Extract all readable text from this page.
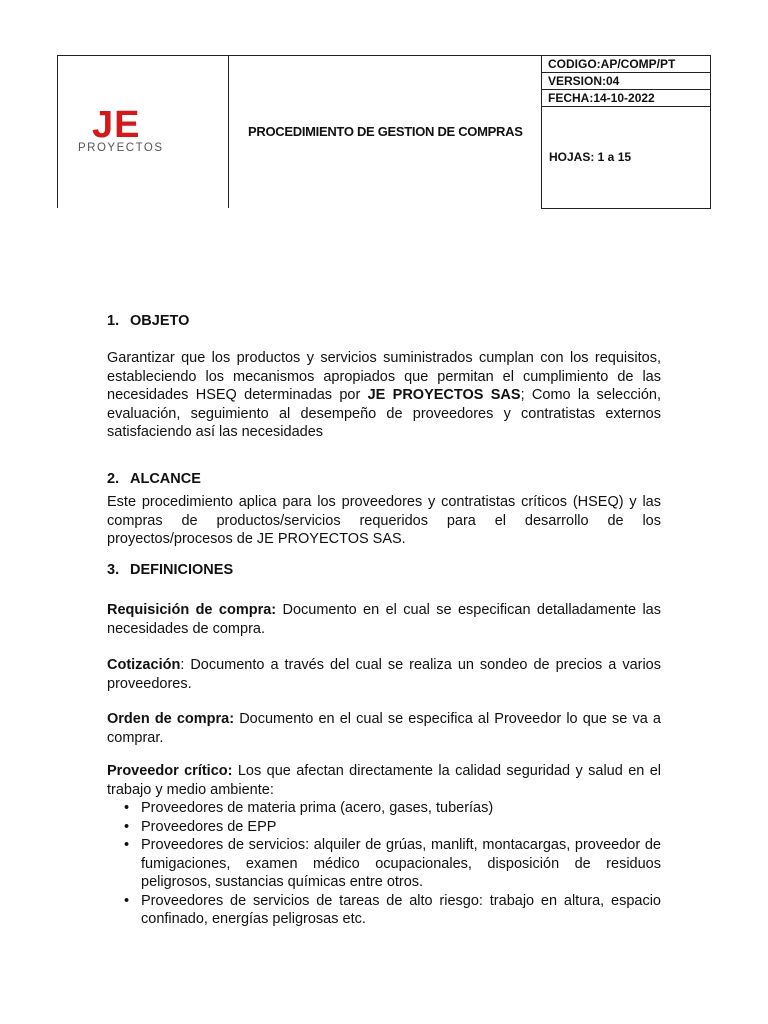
JE
PROYECTOS
PROCEDIMIENTO DE GESTION DE COMPRAS
CODIGO:AP/COMP/PT
VERSION:04
FECHA:14-10-2022
HOJAS: 1 a 15
1. OBJETO
Garantizar que los productos y servicios suministrados cumplan con los requisitos, estableciendo los mecanismos apropiados que permitan el cumplimiento de las necesidades HSEQ determinadas por JE PROYECTOS SAS; Como la selección, evaluación, seguimiento al desempeño de proveedores y contratistas externos satisfaciendo así las necesidades
2. ALCANCE
Este procedimiento aplica para los proveedores y contratistas críticos (HSEQ) y las compras de productos/servicios requeridos para el desarrollo de los proyectos/procesos de JE PROYECTOS SAS.
3. DEFINICIONES
Requisición de compra: Documento en el cual se especifican detalladamente las necesidades de compra.
Cotización: Documento a través del cual se realiza un sondeo de precios a varios proveedores.
Orden de compra: Documento en el cual se especifica al Proveedor lo que se va a comprar.
Proveedor crítico: Los que afectan directamente la calidad seguridad y salud en el trabajo y medio ambiente:
• Proveedores de materia prima (acero, gases, tuberías)
• Proveedores de EPP
• Proveedores de servicios: alquiler de grúas, manlift, montacargas, proveedor de fumigaciones, examen médico ocupacionales, disposición de residuos peligrosos, sustancias químicas entre otros.
• Proveedores de servicios de tareas de alto riesgo: trabajo en altura, espacio confinado, energías peligrosas etc.
